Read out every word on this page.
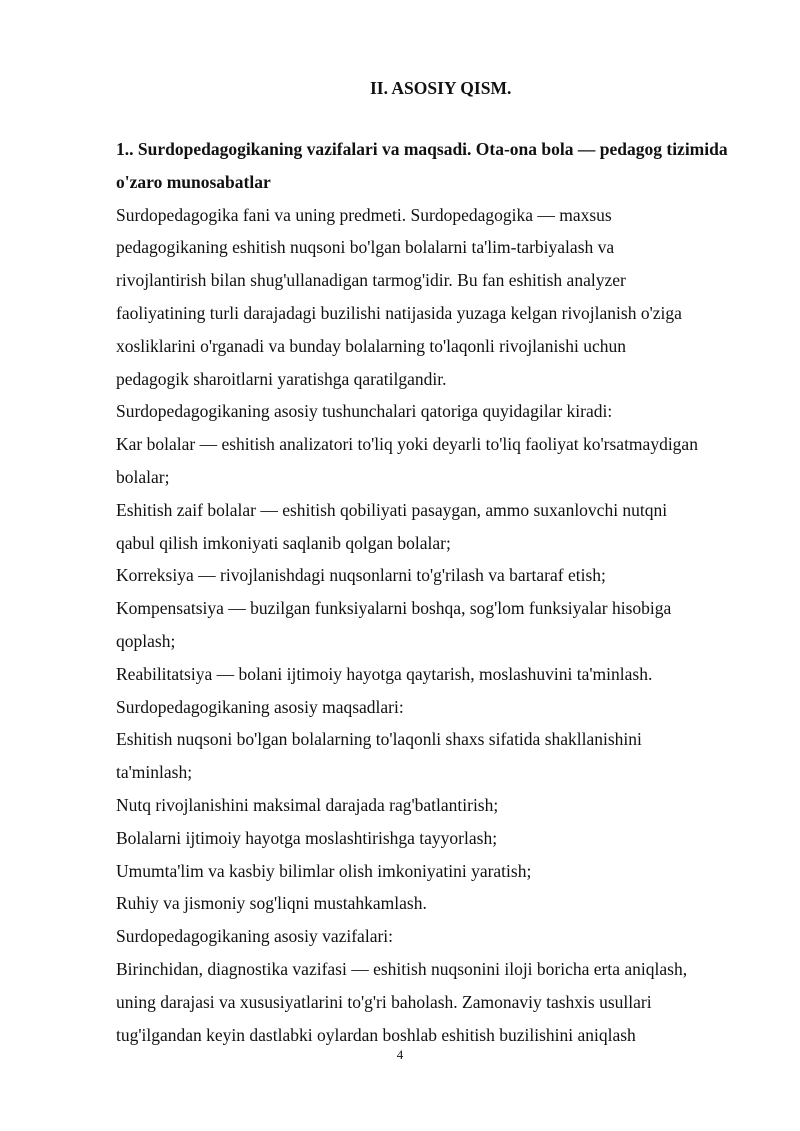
II. ASOSIY QISM.

1.. Surdopedagogikaning vazifalari va maqsadi. Ota-ona bola — pedagog tizimida o'zaro munosabatlar

Surdopedagogika fani va uning predmeti. Surdopedagogika — maxsus

pedagogikaning eshitish nuqsoni bo'lgan bolalarni ta'lim-tarbiyalash va

rivojlantirish bilan shug'ullanadigan tarmog'idir. Bu fan eshitish analyzer

faoliyatining turli darajadagi buzilishi natijasida yuzaga kelgan rivojlanish o'ziga

xosliklarini o'rganadi va bunday bolalarning to'laqonli rivojlanishi uchun

pedagogik sharoitlarni yaratishga qaratilgandir.

Surdopedagogikaning asosiy tushunchalari qatoriga quyidagilar kiradi:

Kar bolalar — eshitish analizatori to'liq yoki deyarli to'liq faoliyat ko'rsatmaydigan

bolalar;

Eshitish zaif bolalar — eshitish qobiliyati pasaygan, ammo suxanlovchi nutqni

qabul qilish imkoniyati saqlanib qolgan bolalar;

Korreksiya — rivojlanishdagi nuqsonlarni to'g'rilash va bartaraf etish;

Kompensatsiya — buzilgan funksiyalarni boshqa, sog'lom funksiyalar hisobiga

qoplash;

Reabilitatsiya — bolani ijtimoiy hayotga qaytarish, moslashuvini ta'minlash.

Surdopedagogikaning asosiy maqsadlari:

Eshitish nuqsoni bo'lgan bolalarning to'laqonli shaxs sifatida shakllanishini

ta'minlash;

Nutq rivojlanishini maksimal darajada rag'batlantirish;

Bolalarni ijtimoiy hayotga moslashtirishga tayyorlash;

Umumta'lim va kasbiy bilimlar olish imkoniyatini yaratish;

Ruhiy va jismoniy sog'liqni mustahkamlash.

Surdopedagogikaning asosiy vazifalari:

Birinchidan, diagnostika vazifasi — eshitish nuqsonini iloji boricha erta aniqlash,

uning darajasi va xususiyatlarini to'g'ri baholash. Zamonaviy tashxis usullari

tug'ilgandan keyin dastlabki oylardan boshlab eshitish buzilishini aniqlash

4
